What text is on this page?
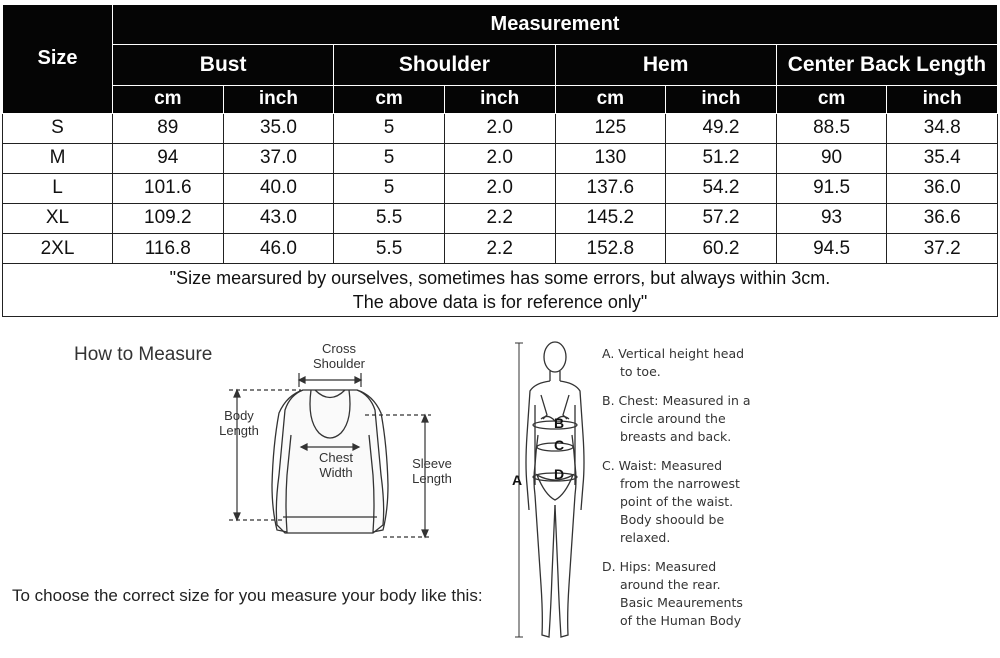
Size	Measurement							
	Bust		Shoulder		Hem		Center Back Length	
	cm	inch	cm	inch	cm	inch	cm	inch
S	89	35.0	5	2.0	125	49.2	88.5	34.8
M	94	37.0	5	2.0	130	51.2	90	35.4
L	101.6	40.0	5	2.0	137.6	54.2	91.5	36.0
XL	109.2	43.0	5.5	2.2	145.2	57.2	93	36.6
2XL	116.8	46.0	5.5	2.2	152.8	60.2	94.5	37.2

"Size mearsured by ourselves, sometimes has some errors, but always within 3cm.
The above data is for reference only"								
How to Measure	Cross
Shoulder
Body
Length
Chest
Width
Sleeve
Length
To choose the correct size for you measure your body like this:
A
B
C
D
A. Vertical height head
to toe.
B. Chest: Measured in a
circle around the
breasts and back.
C. Waist: Measured
from the narrowest
point of the waist.
Body shoould be
relaxed.
D. Hips: Measured
around the rear.
Basic Meaurements
of the Human Body
